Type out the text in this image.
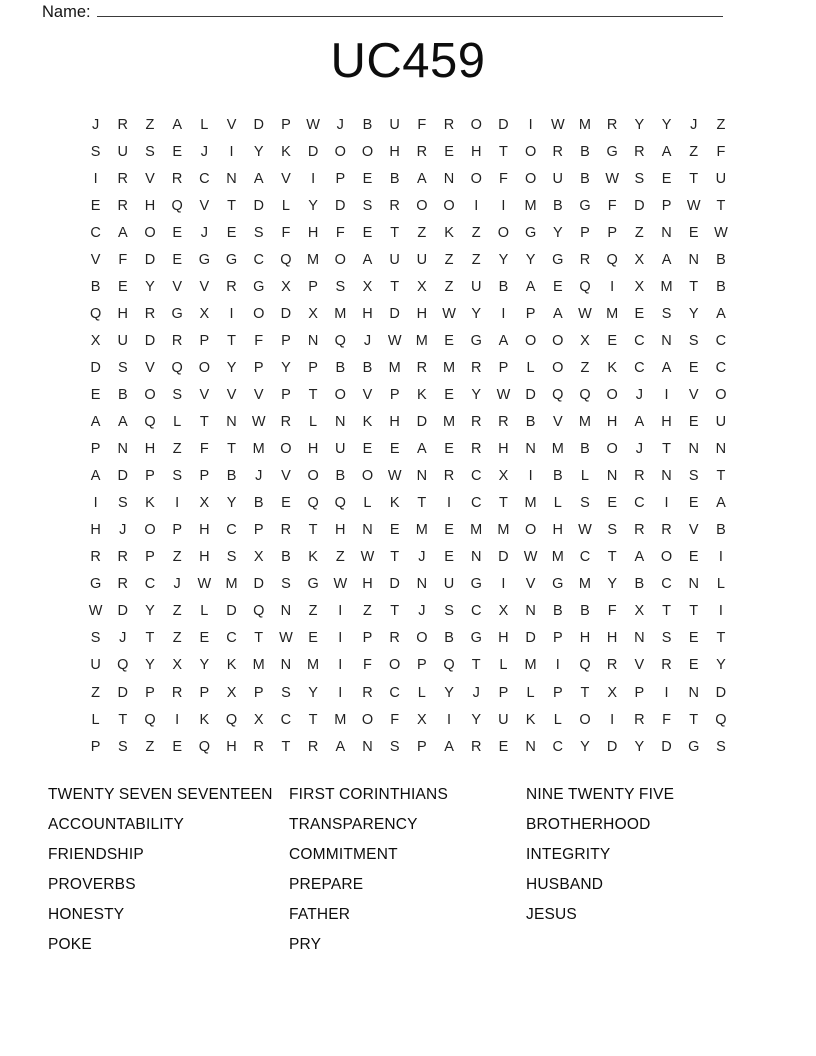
Name:
UC459
J	R	Z	A	L	V	D	P	W	J	B	U	F	R	O	D	I	W M	R	Y	Y	J	Z
S	U	S	E	J	I	Y	K	D	O	O	H	R	E	H	T	O	R	B	G	R	A	Z	F
I	R	V	R	C	N	A	V	I	P	E	B	A	N	O	F	O	U	B	W	S	E	T	U
E	R	H	Q	V	T	D	L	Y	D	S	R	O	O	I	I	M	B	G	F	D	P	W	T
C	A	O	E	J	E	S	F	H	F	E	T	Z	K	Z	O	G	Y	P	P	Z	N	E	W
V	F	D	E	G	G	C	Q	M	O	A	U	U	Z	Z	Y	Y	G	R	Q	X	A	N	B
B	E	Y	V	V	R	G	X	P	S	X	T	X	Z	U	B	A	E	Q	I	X	M	T	B
Q	H	R	G	X	I	O	D	X	M	H	D	H	W	Y	I	P	A	W M	E	S	Y	A
X	U	D	R	P	T	F	P	N	Q	J	W M	E	G	A	O	O	X	E	C	N	S	C
D	S	V	Q	O	Y	P	Y	P	B	B	M	R	M	R	P	L	O	Z	K	C	A	E	C
E	B	O	S	V	V	V	P	T	O	V	P	K	E	Y	W	D	Q	Q	O	J	I	V	O
A	A	Q	L	T	N	W	R	L	N	K	H	D	M	R	R	B	V	M	H	A	H	E	U
P	N	H	Z	F	T	M	O	H	U	E	E	A	E	R	H	N	M	B	O	J	T	N	N
A	D	P	S	P	B	J	V	O	B	O	W	N	R	C	X	I	B	L	N	R	N	S	T
I	S	K	I	X	Y	B	E	Q	Q	L	K	T	I	C	T	M	L	S	E	C	I	E	A
H	J	O	P	H	C	P	R	T	H	N	E	M	E	M	M	O	H	W	S	R	R	V	B
R	R	P	Z	H	S	X	B	K	Z	W	T	J	E	N	D	W M	C	T	A	O	E	I
G	R	C	J	W M	D	S	G	W	H	D	N	U	G	I	V	G	M	Y	B	C	N	L
W	D	Y	Z	L	D	Q	N	Z	I	Z	T	J	S	C	X	N	B	B	F	X	T	T	I
S	J	T	Z	E	C	T	W	E	I	P	R	O	B	G	H	D	P	H	H	N	S	E	T
U	Q	Y	X	Y	K	M	N	M	I	F	O	P	Q	T	L	M	I	Q	R	V	R	E	Y
Z	D	P	R	P	X	P	S	Y	I	R	C	L	Y	J	P	L	P	T	X	P	I	N	D
L	T	Q	I	K	Q	X	C	T	M	O	F	X	I	Y	U	K	L	O	I	R	F	T	Q
P	S	Z	E	Q	H	R	T	R	A	N	S	P	A	R	E	N	C	Y	D	Y	D	G	S
TWENTY SEVEN SEVENTEEN
ACCOUNTABILITY
FRIENDSHIP
PROVERBS
HONESTY
POKE
FIRST CORINTHIANS
TRANSPARENCY
COMMITMENT
PREPARE
FATHER
PRY
NINE TWENTY FIVE
BROTHERHOOD
INTEGRITY
HUSBAND
JESUS
